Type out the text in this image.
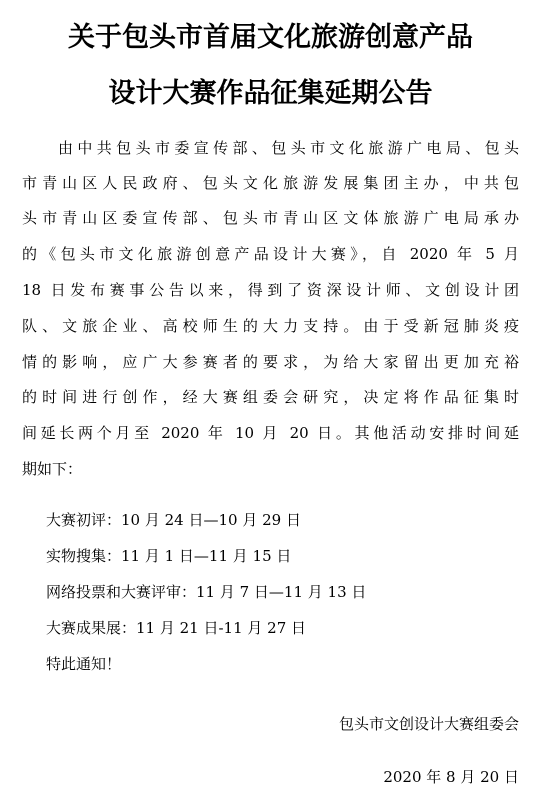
关于包头市首届文化旅游创意产品
设计大赛作品征集延期公告
由中共包头市委宣传部、包头市文化旅游广电局、包头
市青山区人民政府、包头文化旅游发展集团主办，中共包
头市青山区委宣传部、包头市青山区文体旅游广电局承办
的《包头市文化旅游创意产品设计大赛》，自 2020 年 5 月
18 日发布赛事公告以来，得到了资深设计师、文创设计团
队、文旅企业、高校师生的大力支持。由于受新冠肺炎疫
情的影响，应广大参赛者的要求，为给大家留出更加充裕
的时间进行创作，经大赛组委会研究，决定将作品征集时
间延长两个月至 2020 年 10 月 20 日。其他活动安排时间延
期如下：
大赛初评：10 月 24 日—10 月 29 日
实物搜集：11 月 1 日—11 月 15 日
网络投票和大赛评审：11 月 7 日—11 月 13 日
大赛成果展：11 月 21 日-11 月 27 日
特此通知！
包头市文创设计大赛组委会
2020 年 8 月 20 日
